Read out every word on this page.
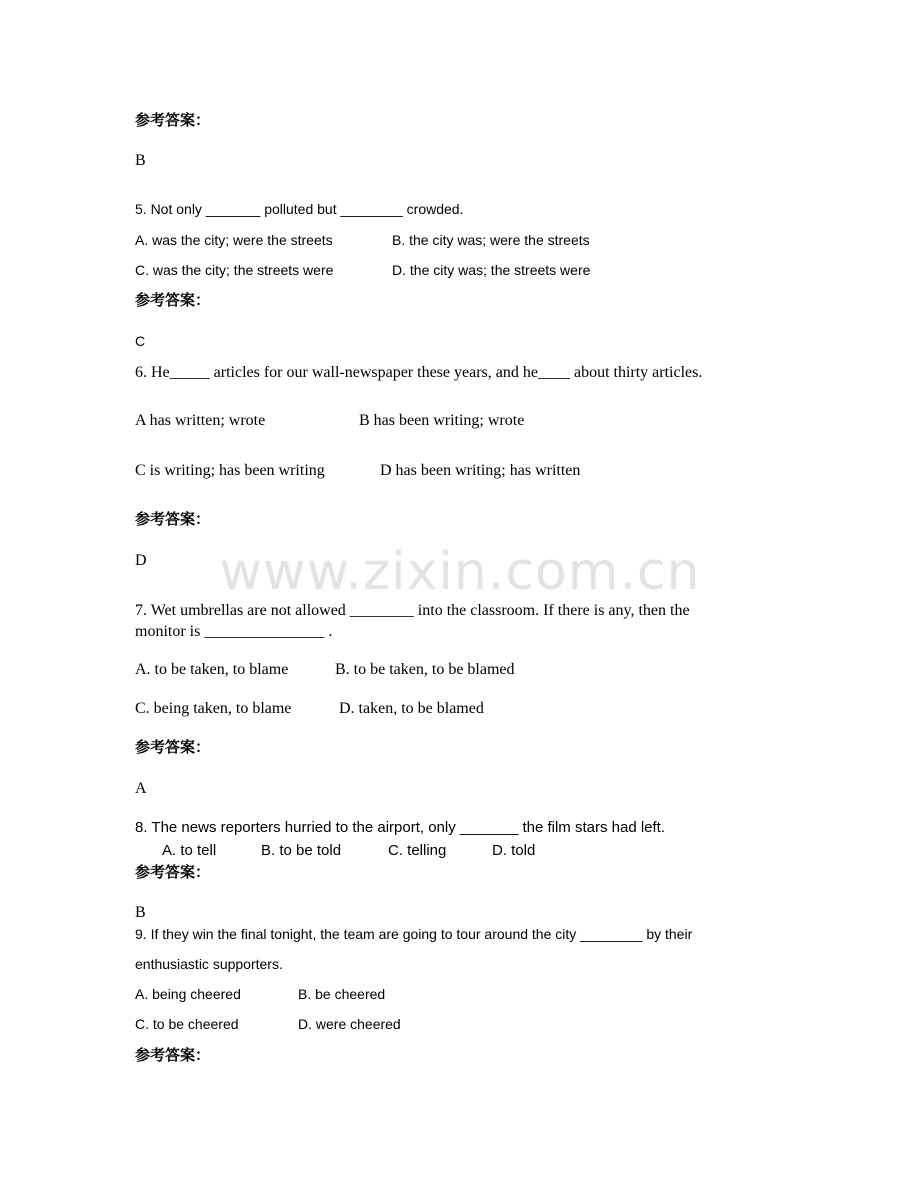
www.zixin.com.cn
参考答案：
B
5. Not only _______ polluted but ________ crowded.
A. was the city; were the streets	B. the city was; were the streets
C. was the city; the streets were	D. the city was; the streets were
参考答案：
C
6. He_____ articles for our wall-newspaper these years, and he____ about thirty articles.
A has written; wrote	B has been writing; wrote
C is writing; has been writing	D has been writing; has written
参考答案：
D
7. Wet umbrellas are not allowed ________ into the classroom. If there is any, then the
monitor is _______________ .
A. to be taken, to blame	B. to be taken, to be blamed
C. being taken, to blame	D. taken, to be blamed
参考答案：
A
8. The news reporters hurried to the airport, only _______ the film stars had left.
A. to tell	B. to be told	C. telling	D. told
参考答案：
B
9. If they win the final tonight, the team are going to tour around the city ________ by their
enthusiastic supporters.
A. being cheered	B. be cheered
C. to be cheered	D. were cheered
参考答案：
